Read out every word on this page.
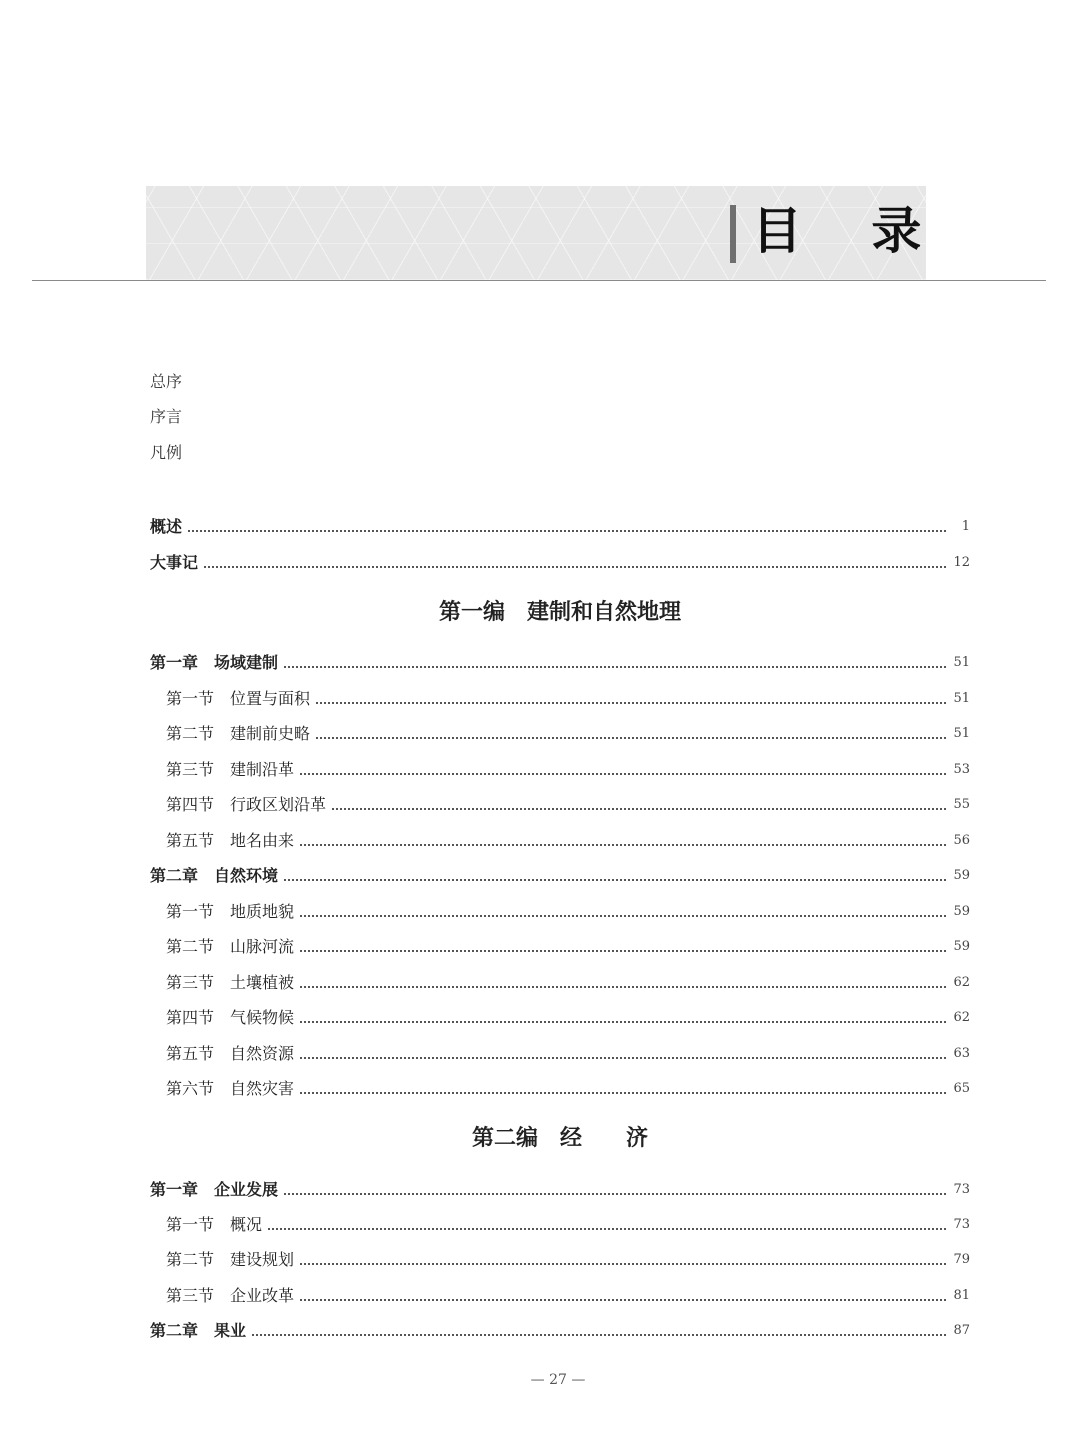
目 录
总序
序言
凡例
概述	1
大事记	12
第一编　建制和自然地理
第一章　场域建制	51
第一节　位置与面积	51
第二节　建制前史略	51
第三节　建制沿革	53
第四节　行政区划沿革	55
第五节　地名由来	56
第二章　自然环境	59
第一节　地质地貌	59
第二节　山脉河流	59
第三节　土壤植被	62
第四节　气候物候	62
第五节　自然资源	63
第六节　自然灾害	65
第二编　经　　济
第一章　企业发展	73
第一节　概况	73
第二节　建设规划	79
第三节　企业改革	81
第二章　果业	87
— 27 —
